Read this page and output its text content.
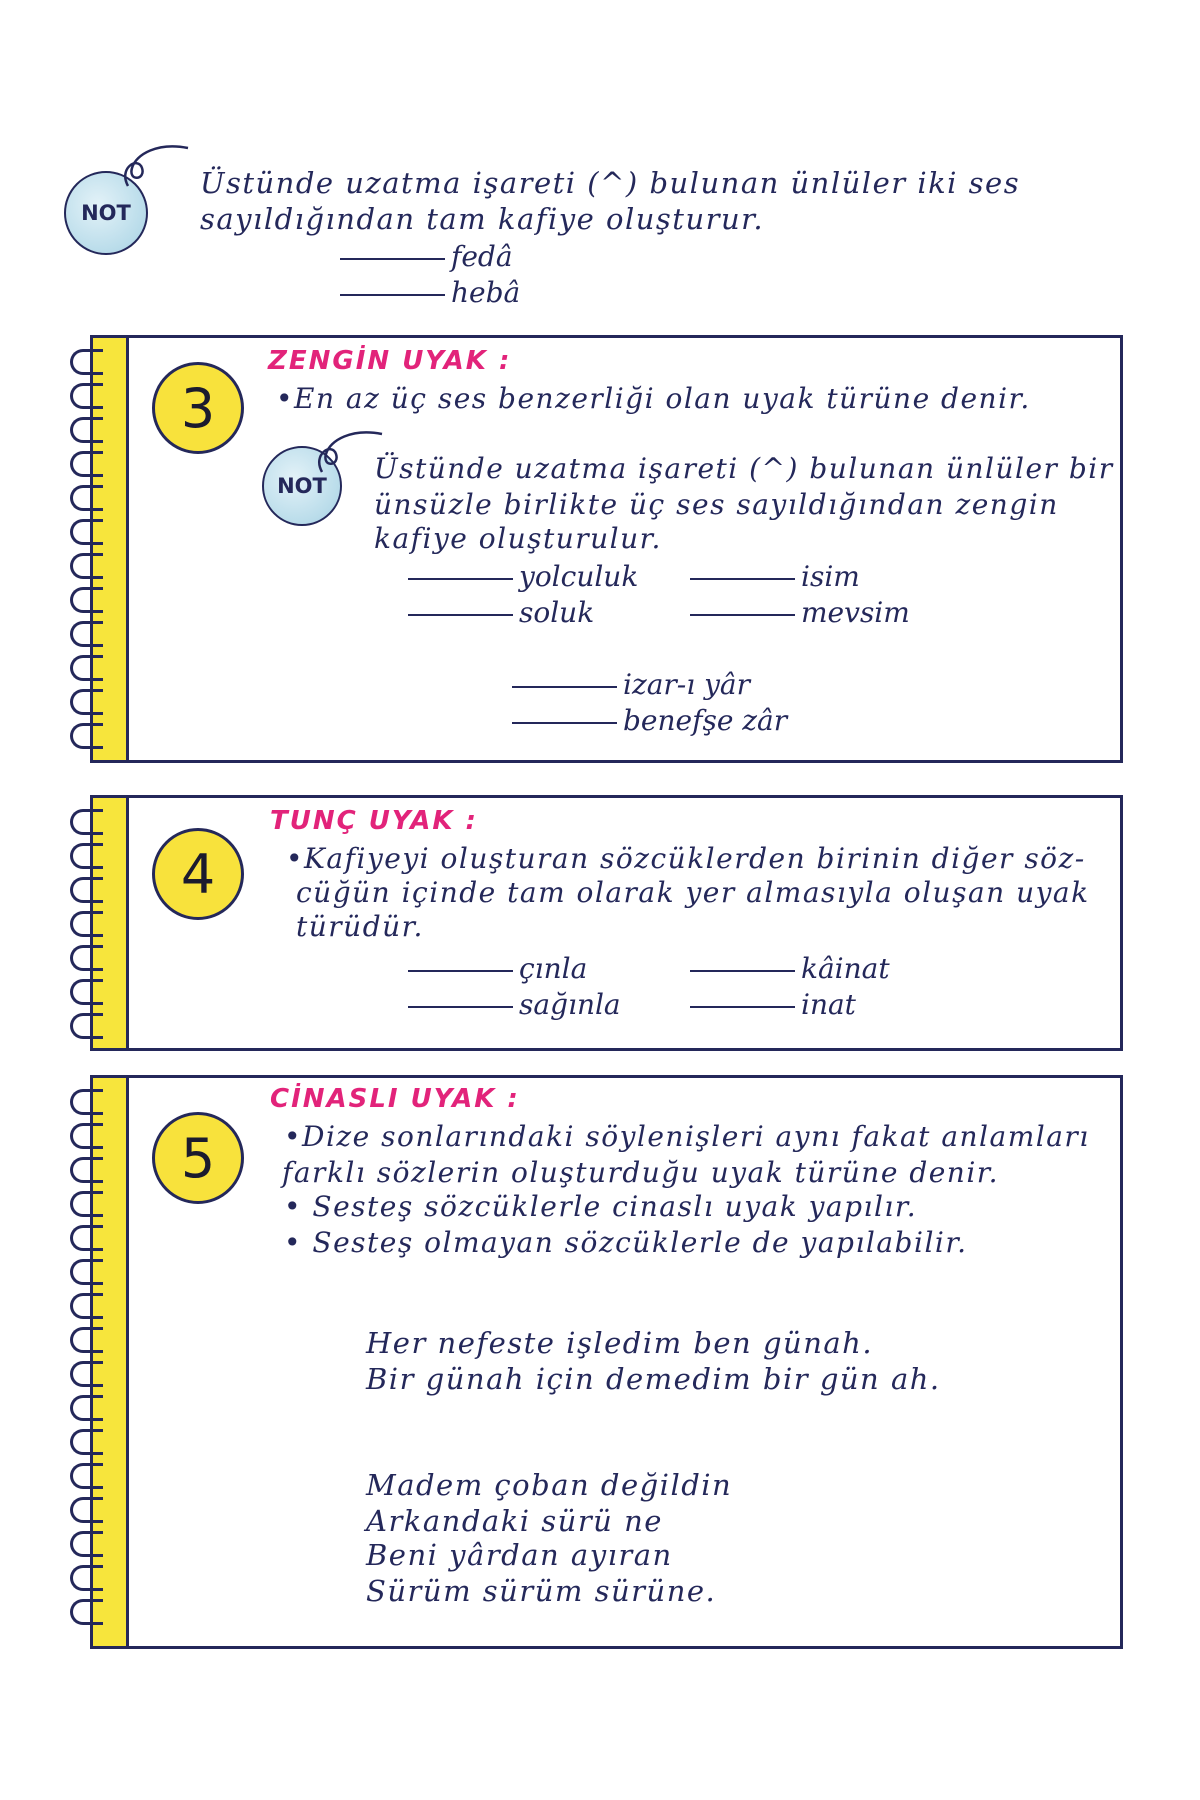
NOT
Üstünde uzatma işareti (^) bulunan ünlüler iki ses
sayıldığından tam kafiye oluşturur.
fedâ
hebâ
3
ZENGİN UYAK :
•En az üç ses benzerliği olan uyak türüne denir.
NOT
Üstünde uzatma işareti (^) bulunan ünlüler bir
ünsüzle birlikte üç ses sayıldığından zengin
kafiye oluşturulur.
yolculuk
soluk
isim
mevsim
izar-ı yâr
benefşe zâr
4
TUNÇ UYAK :
•Kafiyeyi oluşturan sözcüklerden birinin diğer söz-
cüğün içinde tam olarak yer almasıyla oluşan uyak
türüdür.
çınla
sağınla
kâinat
inat
5
CİNASLI UYAK :
•Dize sonlarındaki söylenişleri aynı fakat anlamları
farklı sözlerin oluşturduğu uyak türüne denir.
• Sesteş sözcüklerle cinaslı uyak yapılır.
• Sesteş olmayan sözcüklerle de yapılabilir.
Her nefeste işledim ben günah.
Bir günah için demedim bir gün ah.
Madem çoban değildin
Arkandaki sürü ne
Beni yârdan ayıran
Sürüm sürüm sürüne.
